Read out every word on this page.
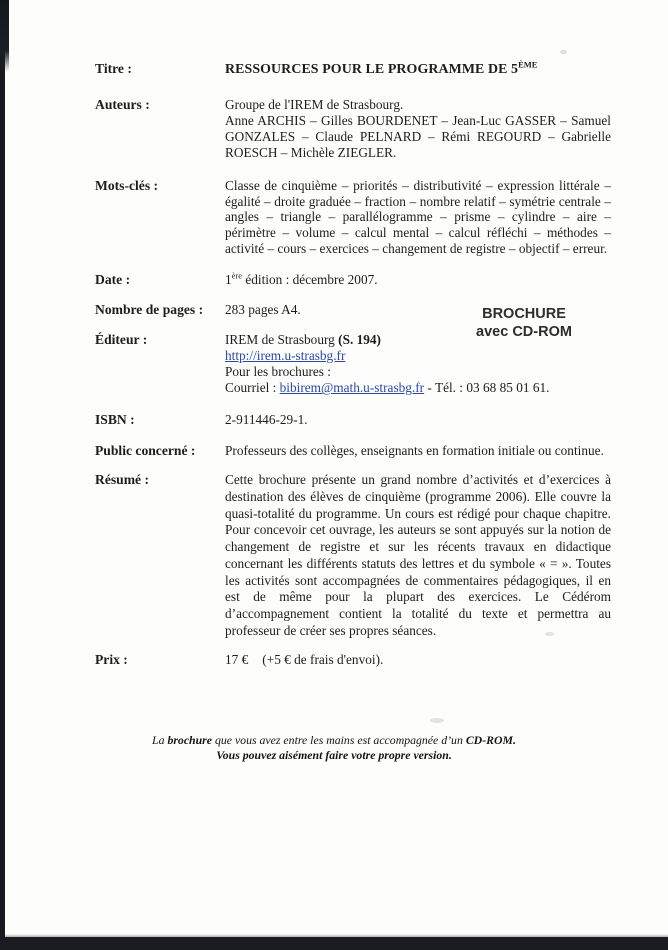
Titre :	RESSOURCES POUR LE PROGRAMME DE 5ÈME
Auteurs :	Groupe de l'IREM de Strasbourg.
Anne ARCHIS – Gilles BOURDENET – Jean-Luc GASSER – Samuel GONZALES – Claude PELNARD – Rémi REGOURD – Gabrielle ROESCH – Michèle ZIEGLER.
Mots-clés :	Classe de cinquième – priorités – distributivité – expression littérale – égalité – droite graduée – fraction – nombre relatif – symétrie centrale – angles – triangle – parallélogramme – prisme – cylindre – aire – périmètre – volume – calcul mental – calcul réfléchi – méthodes – activité – cours – exercices – changement de registre – objectif – erreur.
Date :	1ère édition : décembre 2007.
Nombre de pages :	283 pages A4.
Éditeur :	IREM de Strasbourg (S. 194)
http://irem.u-strasbg.fr
Pour les brochures :
Courriel : bibirem@math.u-strasbg.fr - Tél. : 03 68 85 01 61.
ISBN :	2-911446-29-1.
Public concerné :	Professeurs des collèges, enseignants en formation initiale ou continue.
Résumé :	Cette brochure présente un grand nombre d’activités et d’exercices à destination des élèves de cinquième (programme 2006). Elle couvre la quasi-totalité du programme. Un cours est rédigé pour chaque chapitre. Pour concevoir cet ouvrage, les auteurs se sont appuyés sur la notion de changement de registre et sur les récents travaux en didactique concernant les différents statuts des lettres et du symbole « = ». Toutes les activités sont accompagnées de commentaires pédagogiques, il en est de même pour la plupart des exercices. Le Cédérom d’accompagnement contient la totalité du texte et permettra au professeur de créer ses propres séances.
Prix :	17 € (+5 € de frais d'envoi).
BROCHURE
avec CD-ROM
La brochure que vous avez entre les mains est accompagnée d’un CD-ROM.
Vous pouvez aisément faire votre propre version.
